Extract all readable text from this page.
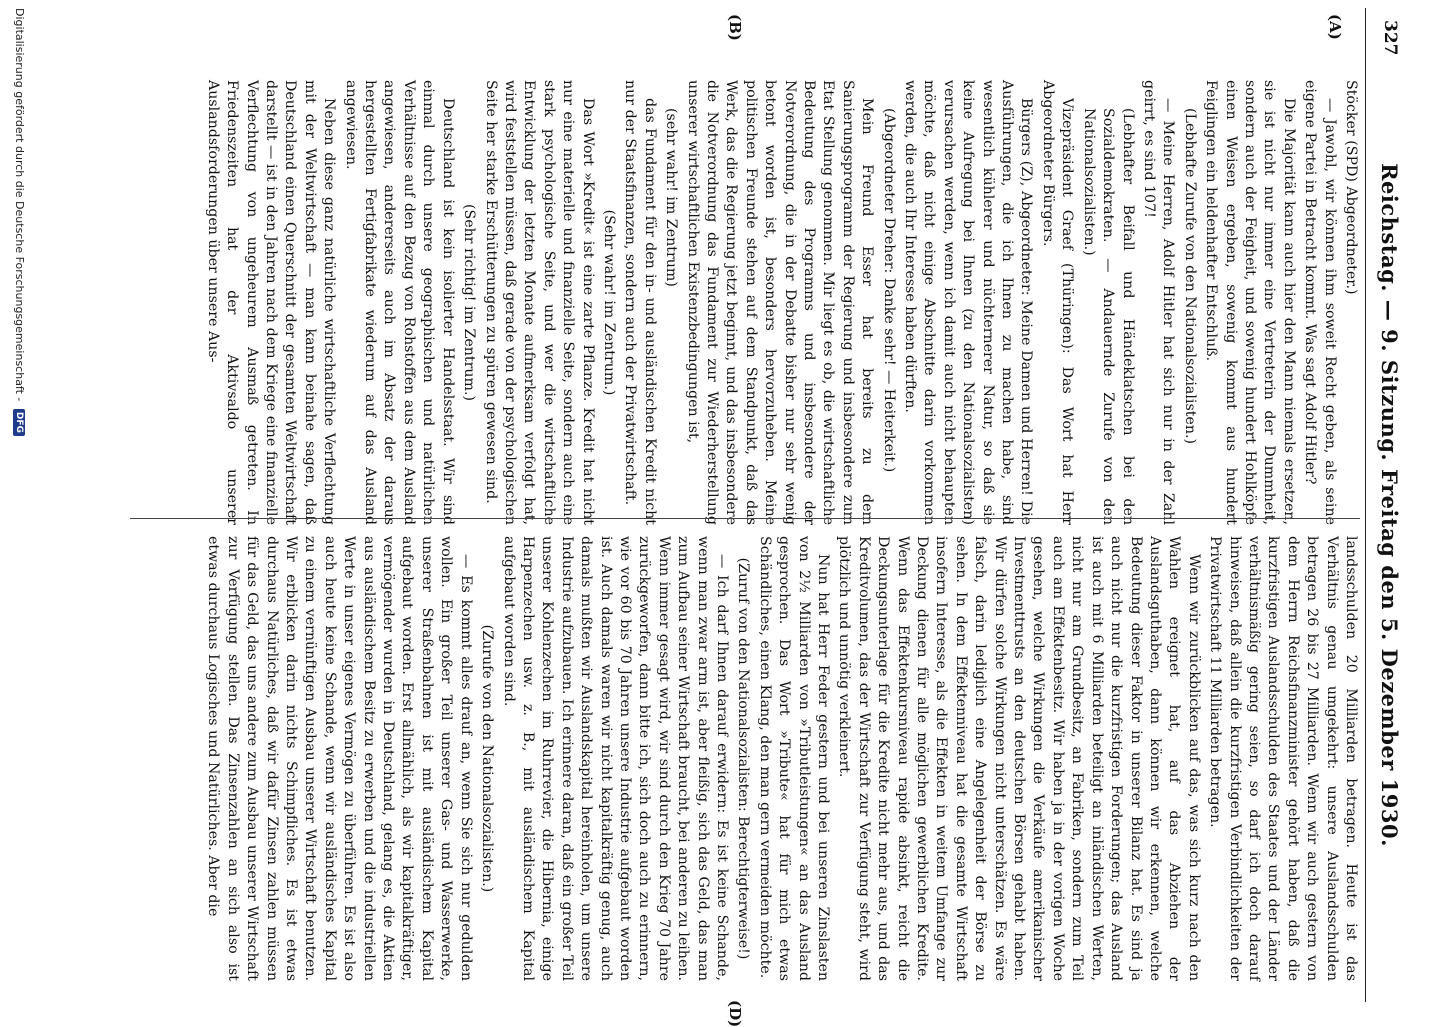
327
Reichstag. — 9. Sitzung. Freitag den 5. Dezember 1930.
(A)
(B)
(D)

Stöcker (SPD) Abgeordneter.)

— Jawohl, wir können ihm soweit Recht geben, als seine eigene Partei in Betracht kommt. Was sagt Adolf Hitler?

Die Majorität kann auch hier den Mann niemals ersetzen, sie ist nicht nur immer eine Vertreterin der Dummheit, sondern auch der Feigheit, und sowenig hundert Hohlköpfe einen Weisen ergeben, sowenig kommt aus hundert Feiglingen ein heldenhafter Entschluß.

(Lebhafte Zurufe von den Nationalsozialisten.)

— Meine Herren, Adolf Hitler hat sich nur in der Zahl geirrt, es sind 107!

(Lebhafter Beifall und Händeklatschen bei den Sozialdemokraten. — Andauernde Zurufe von den Nationalsozialisten.)

Vizepräsident Graef (Thüringen): Das Wort hat Herr Abgeordneter Bürgers.

Bürgers (Z), Abgeordneter: Meine Damen und Herren! Die Ausführungen, die ich Ihnen zu machen habe, sind wesentlich kühlerer und nüchternerer Natur, so daß sie keine Aufregung bei Ihnen (zu den Nationalsozialisten) verursachen werden, wenn ich damit auch nicht behaupten möchte, daß nicht einige Abschnitte darin vorkommen werden, die auch Ihr Interesse haben dürften.

(Abgeordneter Dreher: Danke sehr! — Heiterkeit.)

Mein Freund Esser hat bereits zu dem Sanierungsprogramm der Regierung und insbesondere zum Etat Stellung genommen. Mir liegt es ob, die wirtschaftliche Bedeutung des Programms und insbesondere der Notverordnung, die in der Debatte bisher nur sehr wenig betont worden ist, besonders hervorzuheben. Meine politischen Freunde stehen auf dem Standpunkt, daß das Werk, das die Regierung jetzt beginnt, und das insbesondere die Notverordnung das Fundament zur Wiederherstellung unserer wirtschaftlichen Existenzbedingungen ist,

(sehr wahr! im Zentrum)

das Fundament für den in- und ausländischen Kredit nicht nur der Staatsfinanzen, sondern auch der Privatwirtschaft.

(Sehr wahr! im Zentrum.)

Das Wort »Kredit« ist eine zarte Pflanze. Kredit hat nicht nur eine materielle und finanzielle Seite, sondern auch eine stark psychologische Seite, und wer die wirtschaftliche Entwicklung der letzten Monate aufmerksam verfolgt hat, wird feststellen müssen, daß gerade von der psychologischen Seite her starke Erschütterungen zu spüren gewesen sind.

(Sehr richtig! im Zentrum.)

Deutschland ist kein isolierter Handelsstaat. Wir sind einmal durch unsere geographischen und natürlichen Verhältnisse auf den Bezug von Rohstoffen aus dem Ausland angewiesen, andererseits auch im Absatz der daraus hergestellten Fertigfabrikate wiederum auf das Ausland angewiesen.

Neben diese ganz natürliche wirtschaftliche Verflechtung mit der Weltwirtschaft — man kann beinahe sagen, daß Deutschland einen Querschnitt der gesamten Weltwirtschaft darstellt — ist in den Jahren nach dem Kriege eine finanzielle Verflechtung von ungeheurem Ausmaß getreten. In Friedenszeiten hat der Aktivsaldo unserer Auslandsforderungen über unsere Aus-

landsschulden 20 Milliarden betragen. Heute ist das Verhältnis genau umgekehrt: unsere Auslandsschulden betragen 26 bis 27 Milliarden. Wenn wir auch gestern von dem Herrn Reichsfinanzminister gehört haben, daß die kurzfristigen Auslandsschulden des Staates und der Länder verhältnismäßig gering seien, so darf ich doch darauf hinweisen, daß allein die kurzfristigen Verbindlichkeiten der Privatwirtschaft 11 Milliarden betragen.

Wenn wir zurückblicken auf das, was sich kurz nach den Wahlen ereignet hat, auf das Abziehen der Auslandsguthaben, dann können wir erkennen, welche Bedeutung dieser Faktor in unserer Bilanz hat. Es sind ja auch nicht nur die kurzfristigen Forderungen; das Ausland ist auch mit 6 Milliarden beteiligt an inländischen Werten, nicht nur am Grundbesitz, an Fabriken, sondern zum Teil auch am Effektenbesitz. Wir haben ja in der vorigen Woche gesehen, welche Wirkungen die Verkäufe amerikanischer Investmenttrusts an den deutschen Börsen gehabt haben. Wir dürfen solche Wirkungen nicht unterschätzen. Es wäre falsch, darin lediglich eine Angelegenheit der Börse zu sehen. In dem Effektenniveau hat die gesamte Wirtschaft insofern Interesse, als die Effekten in weitem Umfange zur Deckung dienen für alle möglichen gewerblichen Kredite. Wenn das Effektenkursniveau rapide absinkt, reicht die Deckungsunterlage für die Kredite nicht mehr aus, und das Kreditvolumen, das der Wirtschaft zur Verfügung steht, wird plötzlich und unnötig verkleinert.

Nun hat Herr Feder gestern und bei unseren Zinslasten von 2½ Milliarden von »Tributleistungen« an das Ausland gesprochen. Das Wort »Tribute« hat für mich etwas Schändliches, einen Klang, den man gern vermeiden möchte.

(Zuruf von den Nationalsozialisten: Berechtigterweise!)

— Ich darf Ihnen darauf erwidern: Es ist keine Schande, wenn man zwar arm ist, aber fleißig, sich das Geld, das man zum Aufbau seiner Wirtschaft braucht, bei anderen zu leihen. Wenn immer gesagt wird, wir sind durch den Krieg 70 Jahre zurückgeworfen, dann bitte ich, sich doch auch zu erinnern, wie vor 60 bis 70 Jahren unsere Industrie aufgebaut worden ist. Auch damals waren wir nicht kapitalkräftig genug, auch damals mußten wir Auslandskapital hereinholen, um unsere Industrie aufzubauen. Ich erinnere daran, daß ein großer Teil unserer Kohlenzechen im Ruhrrevier, die Hibernia, einige Harpenzechen usw. z. B., mit ausländischem Kapital aufgebaut worden sind.

(Zurufe von den Nationalsozialisten.)

— Es kommt alles drauf an, wenn Sie sich nur gedulden wollen. Ein großer Teil unserer Gas- und Wasserwerke, unserer Straßenbahnen ist mit ausländischem Kapital aufgebaut worden. Erst allmählich, als wir kapitalkräftiger, vermögender wurden in Deutschland, gelang es, die Aktien aus ausländischem Besitz zu erwerben und die industriellen Werte in unser eigenes Vermögen zu überführen. Es ist also auch heute keine Schande, wenn wir ausländisches Kapital zu einem vernünftigen Ausbau unserer Wirtschaft benutzen. Wir erblicken darin nichts Schimpfliches. Es ist etwas durchaus Natürliches, daß wir dafür Zinsen zahlen müssen für das Geld, das uns andere zum Ausbau unserer Wirtschaft zur Verfügung stellen. Das Zinsenzahlen an sich also ist etwas durchaus Logisches und Natürliches. Aber die

Digitalisierung gefördert durch die Deutsche Forschungsgemeinschaft - DFG
